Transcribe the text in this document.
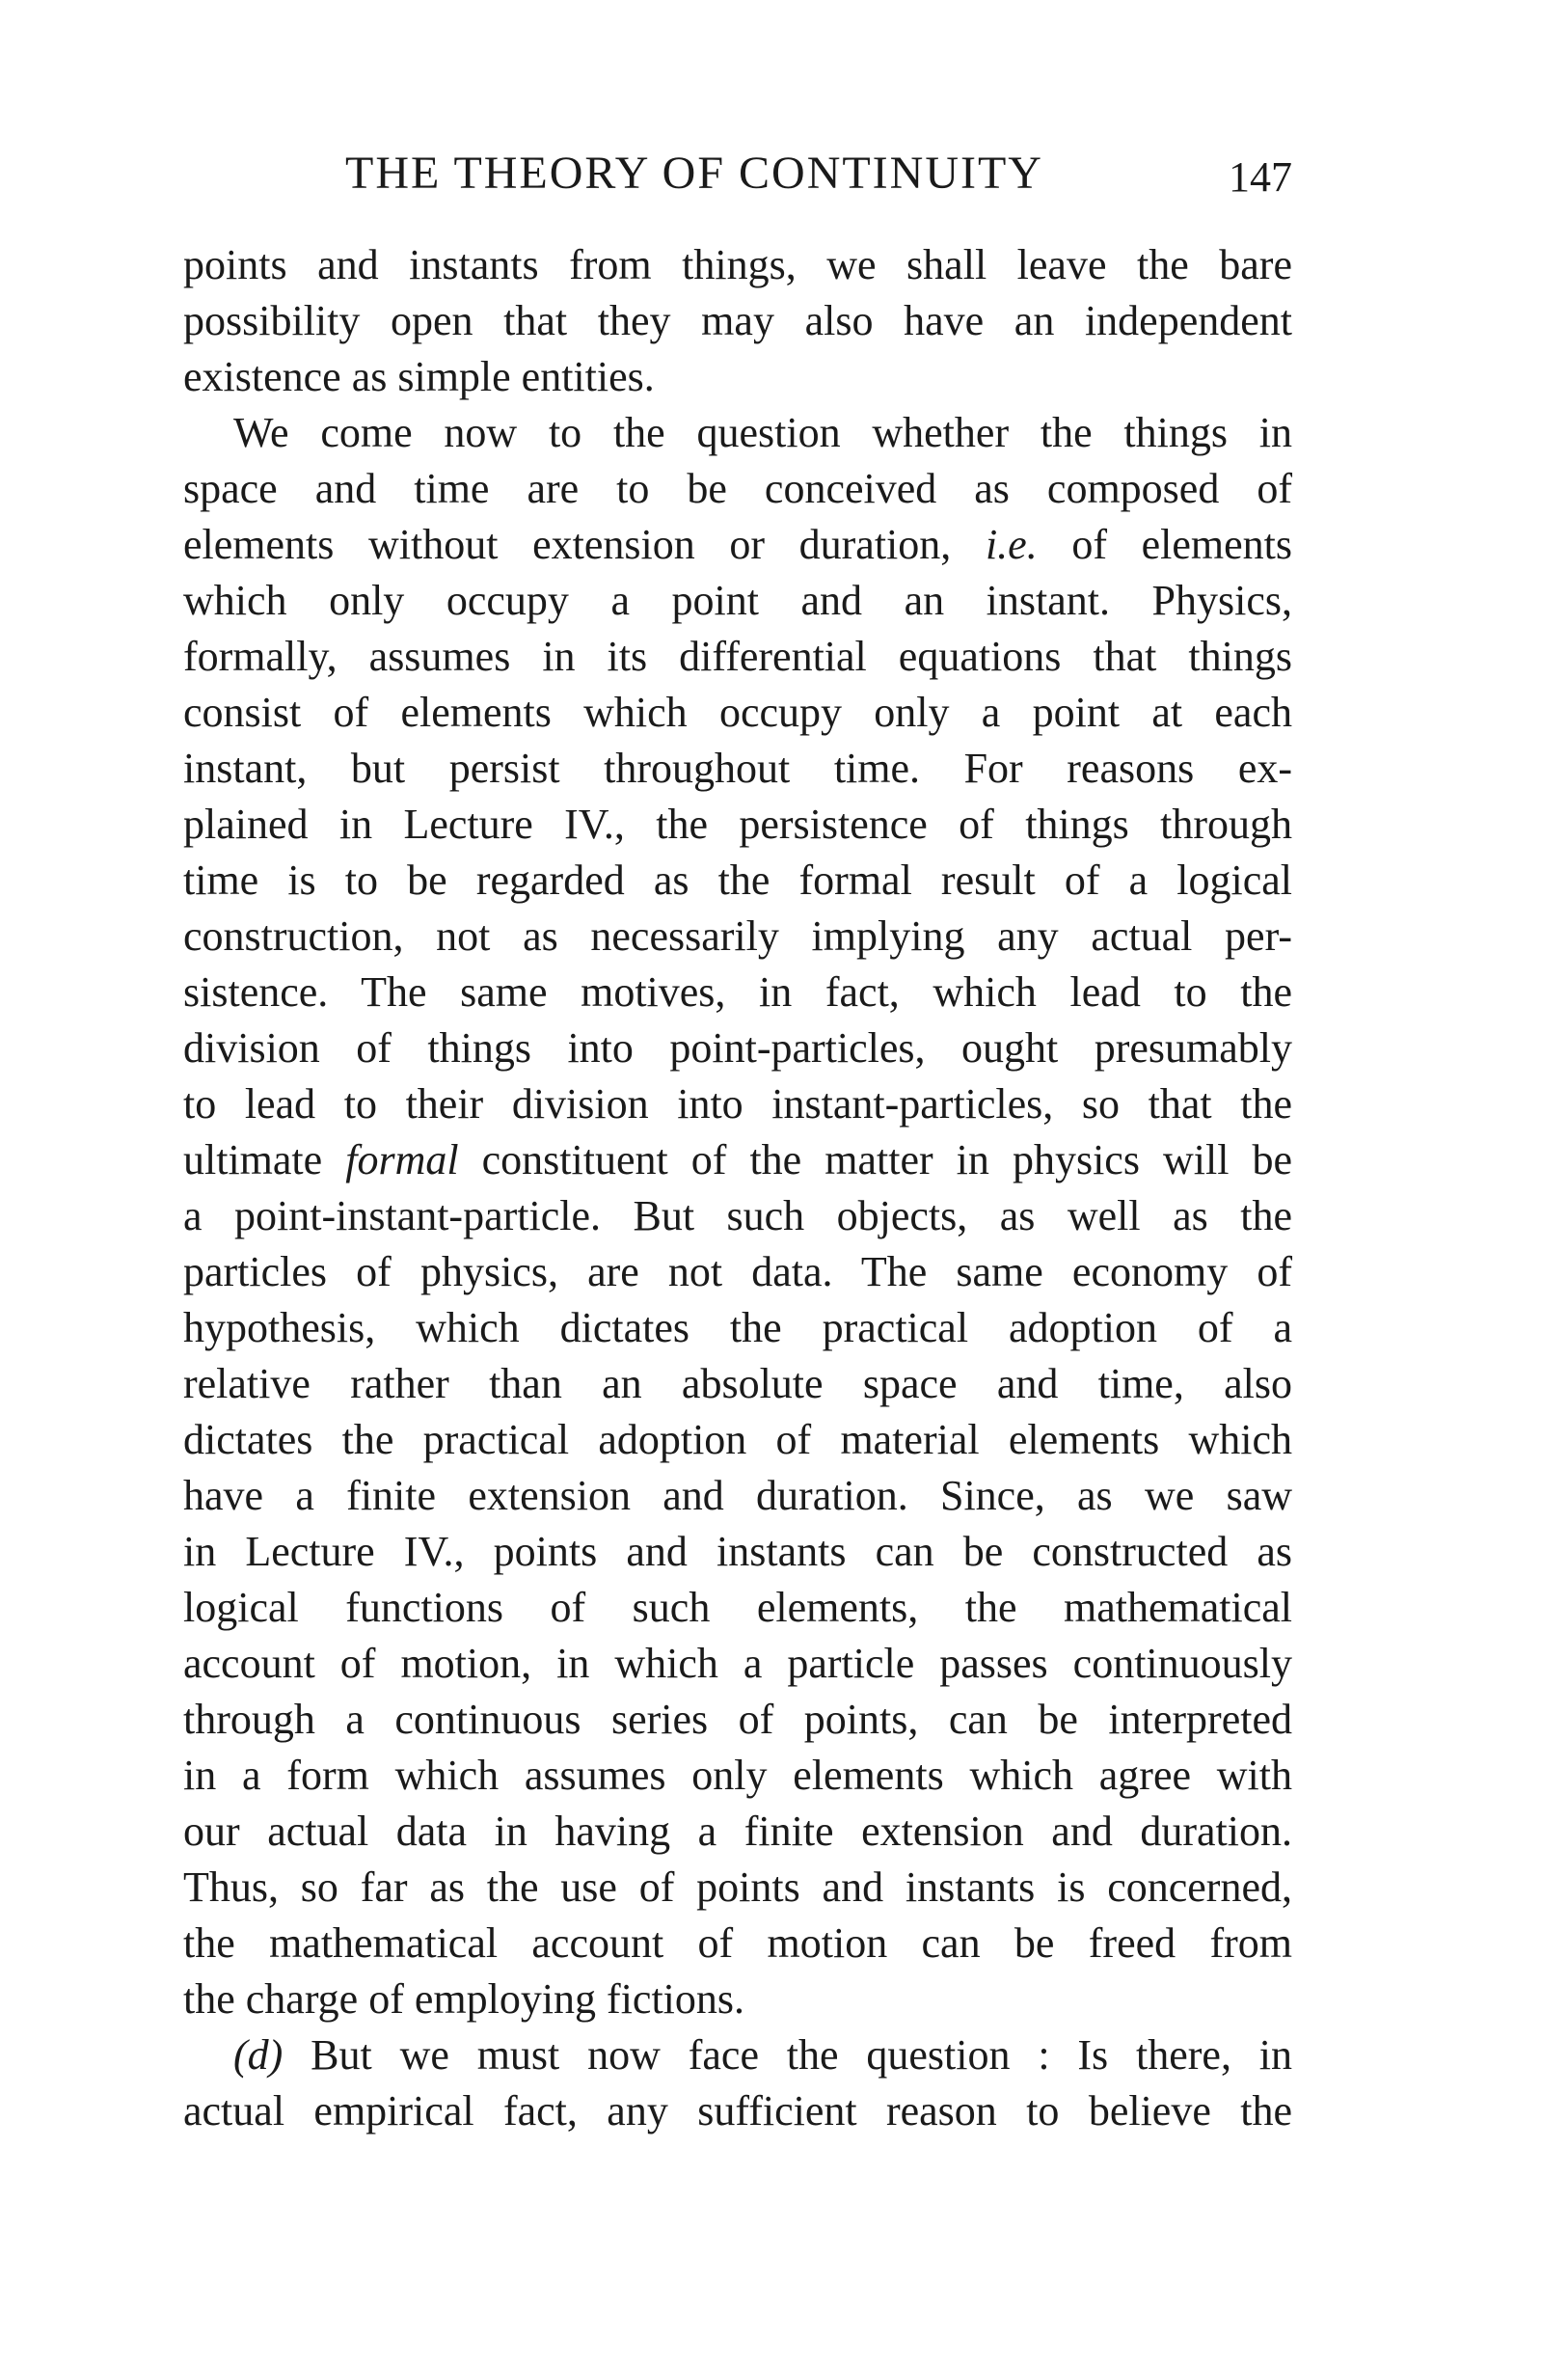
THE THEORY OF CONTINUITY	147
points and instants from things, we shall leave the bare
possibility open that they may also have an independent
existence as simple entities.
We come now to the question whether the things in
space and time are to be conceived as composed of
elements without extension or duration, i.e. of elements
which only occupy a point and an instant. Physics,
formally, assumes in its differential equations that things
consist of elements which occupy only a point at each
instant, but persist throughout time. For reasons ex-
plained in Lecture IV., the persistence of things through
time is to be regarded as the formal result of a logical
construction, not as necessarily implying any actual per-
sistence. The same motives, in fact, which lead to the
division of things into point-particles, ought presumably
to lead to their division into instant-particles, so that the
ultimate formal constituent of the matter in physics will be
a point-instant-particle. But such objects, as well as the
particles of physics, are not data. The same economy of
hypothesis, which dictates the practical adoption of a
relative rather than an absolute space and time, also
dictates the practical adoption of material elements which
have a finite extension and duration. Since, as we saw
in Lecture IV., points and instants can be constructed as
logical functions of such elements, the mathematical
account of motion, in which a particle passes continuously
through a continuous series of points, can be interpreted
in a form which assumes only elements which agree with
our actual data in having a finite extension and duration.
Thus, so far as the use of points and instants is concerned,
the mathematical account of motion can be freed from
the charge of employing fictions.
(d) But we must now face the question : Is there, in
actual empirical fact, any sufficient reason to believe the
